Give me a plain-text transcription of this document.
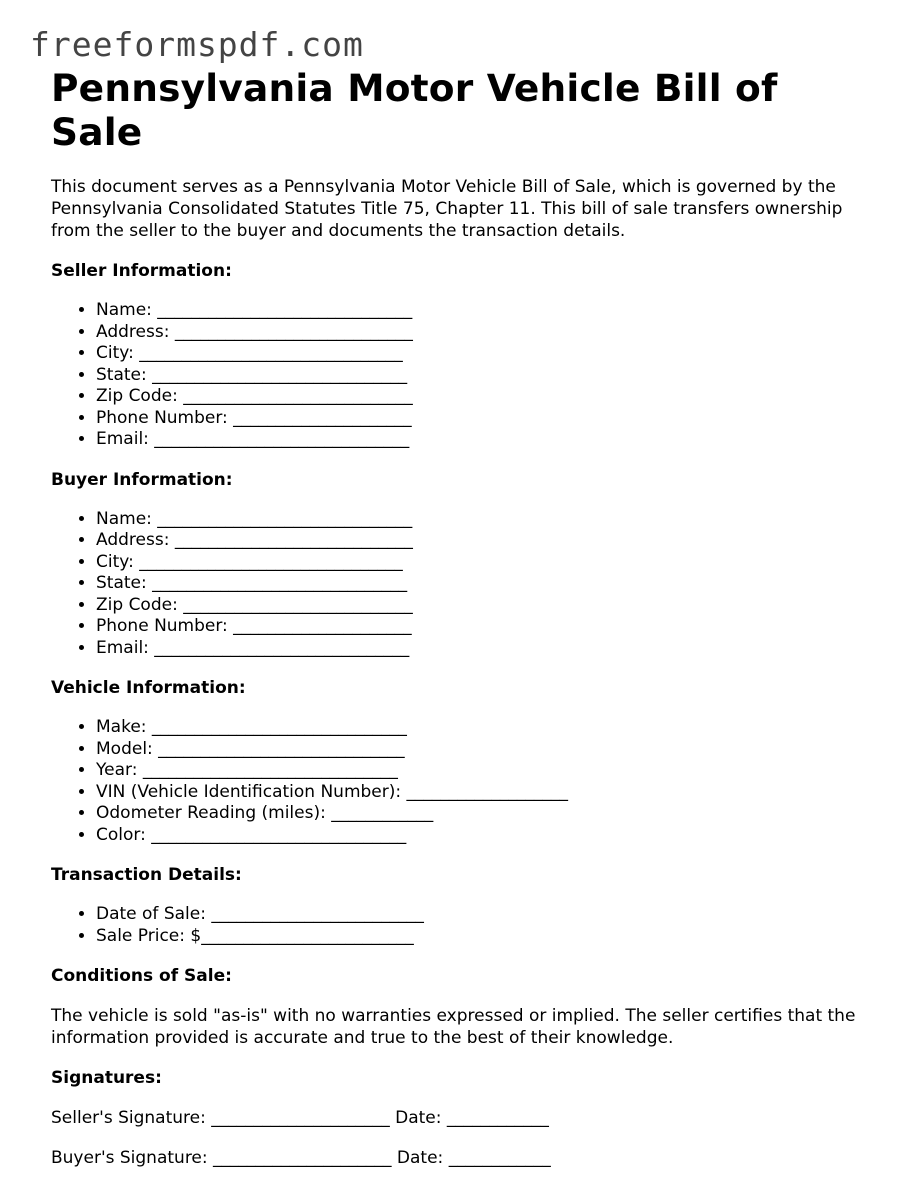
freeformspdf.com
Pennsylvania Motor Vehicle Bill of Sale

This document serves as a Pennsylvania Motor Vehicle Bill of Sale, which is governed by the Pennsylvania Consolidated Statutes Title 75, Chapter 11. This bill of sale transfers ownership from the seller to the buyer and documents the transaction details.

Seller Information:
• Name: ______________________________
• Address: ____________________________
• City: _______________________________
• State: ______________________________
• Zip Code: ___________________________
• Phone Number: _____________________
• Email: ______________________________
Buyer Information:
• Name: ______________________________
• Address: ____________________________
• City: _______________________________
• State: ______________________________
• Zip Code: ___________________________
• Phone Number: _____________________
• Email: ______________________________
Vehicle Information:
• Make: ______________________________
• Model: _____________________________
• Year: ______________________________
• VIN (Vehicle Identification Number): ___________________
• Odometer Reading (miles): ____________
• Color: ______________________________
Transaction Details:
• Date of Sale: _________________________
• Sale Price: $_________________________
Conditions of Sale:

The vehicle is sold "as-is" with no warranties expressed or implied. The seller certifies that the information provided is accurate and true to the best of their knowledge.

Signatures:

Seller's Signature: _____________________ Date: ____________

Buyer's Signature: _____________________ Date: ____________
